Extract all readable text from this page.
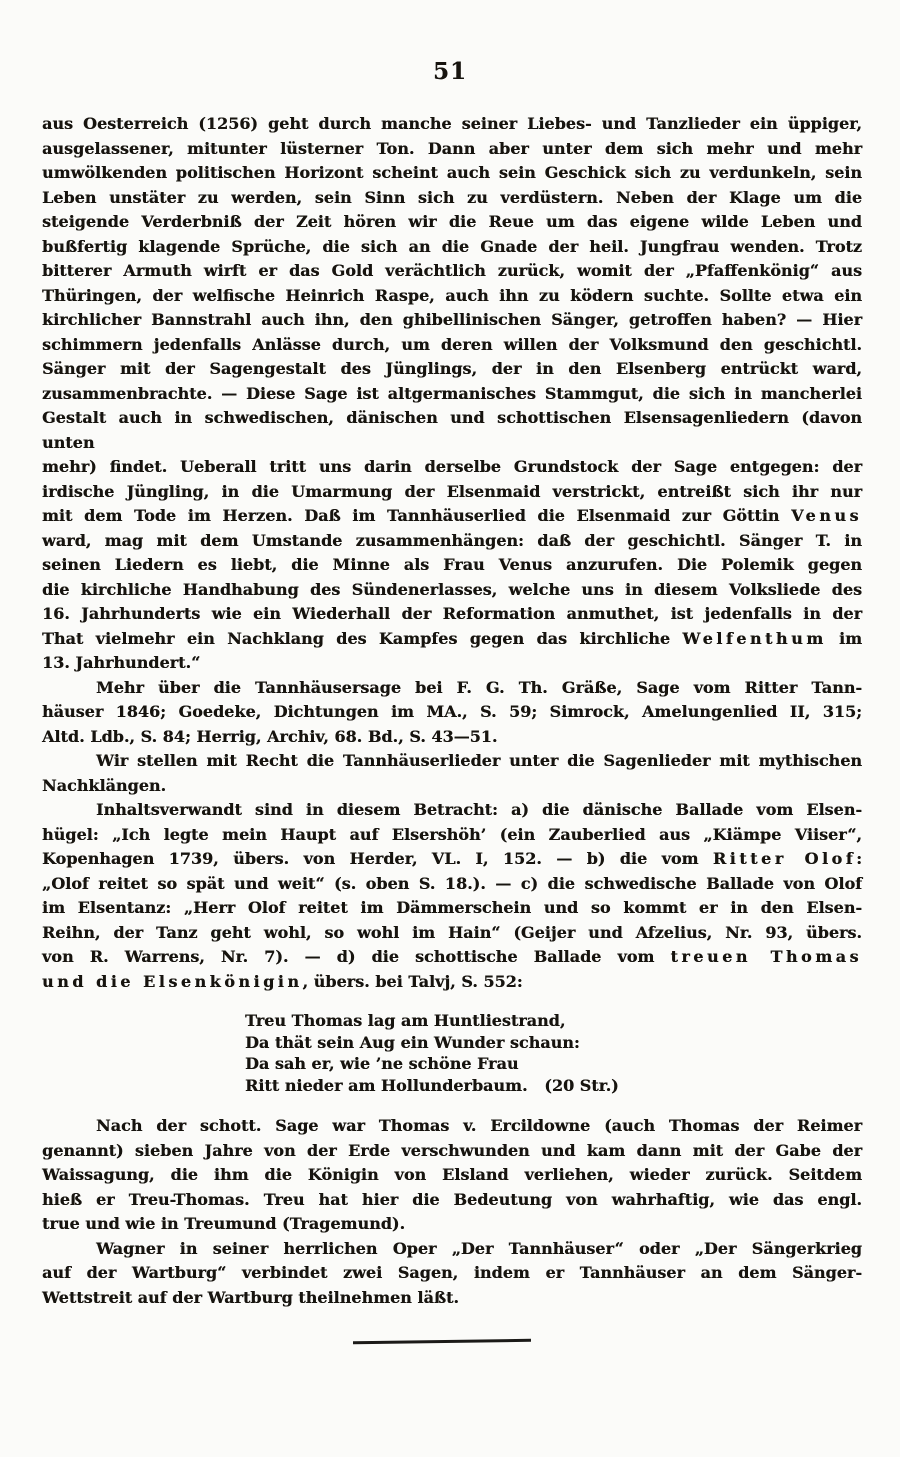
51
aus Oesterreich (1256) geht durch manche seiner Liebes- und Tanzlieder ein üppiger,
ausgelassener, mitunter lüsterner Ton. Dann aber unter dem sich mehr und mehr
umwölkenden politischen Horizont scheint auch sein Geschick sich zu verdunkeln, sein
Leben unstäter zu werden, sein Sinn sich zu verdüstern. Neben der Klage um die
steigende Verderbniß der Zeit hören wir die Reue um das eigene wilde Leben und
bußfertig klagende Sprüche, die sich an die Gnade der heil. Jungfrau wenden. Trotz
bitterer Armuth wirft er das Gold verächtlich zurück, womit der „Pfaffenkönig“ aus
Thüringen, der welfische Heinrich Raspe, auch ihn zu ködern suchte. Sollte etwa ein
kirchlicher Bannstrahl auch ihn, den ghibellinischen Sänger, getroffen haben? — Hier
schimmern jedenfalls Anlässe durch, um deren willen der Volksmund den geschichtl.
Sänger mit der Sagengestalt des Jünglings, der in den Elsenberg entrückt ward,
zusammenbrachte. — Diese Sage ist altgermanisches Stammgut, die sich in mancherlei
Gestalt auch in schwedischen, dänischen und schottischen Elsensagenliedern (davon unten
mehr) findet. Ueberall tritt uns darin derselbe Grundstock der Sage entgegen: der
irdische Jüngling, in die Umarmung der Elsenmaid verstrickt, entreißt sich ihr nur
mit dem Tode im Herzen. Daß im Tannhäuserlied die Elsenmaid zur Göttin Venus
ward, mag mit dem Umstande zusammenhängen: daß der geschichtl. Sänger T. in
seinen Liedern es liebt, die Minne als Frau Venus anzurufen. Die Polemik gegen
die kirchliche Handhabung des Sündenerlasses, welche uns in diesem Volksliede des
16. Jahrhunderts wie ein Wiederhall der Reformation anmuthet, ist jedenfalls in der
That vielmehr ein Nachklang des Kampfes gegen das kirchliche Welfenthum im
13. Jahrhundert.“
Mehr über die Tannhäusersage bei F. G. Th. Gräße, Sage vom Ritter Tann-
häuser 1846; Goedeke, Dichtungen im MA., S. 59; Simrock, Amelungenlied II, 315;
Altd. Ldb., S. 84; Herrig, Archiv, 68. Bd., S. 43—51.
Wir stellen mit Recht die Tannhäuserlieder unter die Sagenlieder mit mythischen
Nachklängen.
Inhaltsverwandt sind in diesem Betracht: a) die dänische Ballade vom Elsen-
hügel: „Ich legte mein Haupt auf Elsershöh’ (ein Zauberlied aus „Kiämpe Viiser“,
Kopenhagen 1739, übers. von Herder, VL. I, 152. — b) die vom Ritter Olof:
„Olof reitet so spät und weit“ (s. oben S. 18.). — c) die schwedische Ballade von Olof
im Elsentanz: „Herr Olof reitet im Dämmerschein und so kommt er in den Elsen-
Reihn, der Tanz geht wohl, so wohl im Hain“ (Geijer und Afzelius, Nr. 93, übers.
von R. Warrens, Nr. 7). — d) die schottische Ballade vom treuen Thomas
und die Elsenkönigin, übers. bei Talvj, S. 552:
Treu Thomas lag am Huntliestrand,
Da thät sein Aug ein Wunder schaun:
Da sah er, wie ’ne schöne Frau
Ritt nieder am Hollunderbaum.   (20 Str.)
Nach der schott. Sage war Thomas v. Ercildowne (auch Thomas der Reimer
genannt) sieben Jahre von der Erde verschwunden und kam dann mit der Gabe der
Waissagung, die ihm die Königin von Elsland verliehen, wieder zurück. Seitdem
hieß er Treu-Thomas. Treu hat hier die Bedeutung von wahrhaftig, wie das engl.
true und wie in Treumund (Tragemund).
Wagner in seiner herrlichen Oper „Der Tannhäuser“ oder „Der Sängerkrieg
auf der Wartburg“ verbindet zwei Sagen, indem er Tannhäuser an dem Sänger-
Wettstreit auf der Wartburg theilnehmen läßt.
